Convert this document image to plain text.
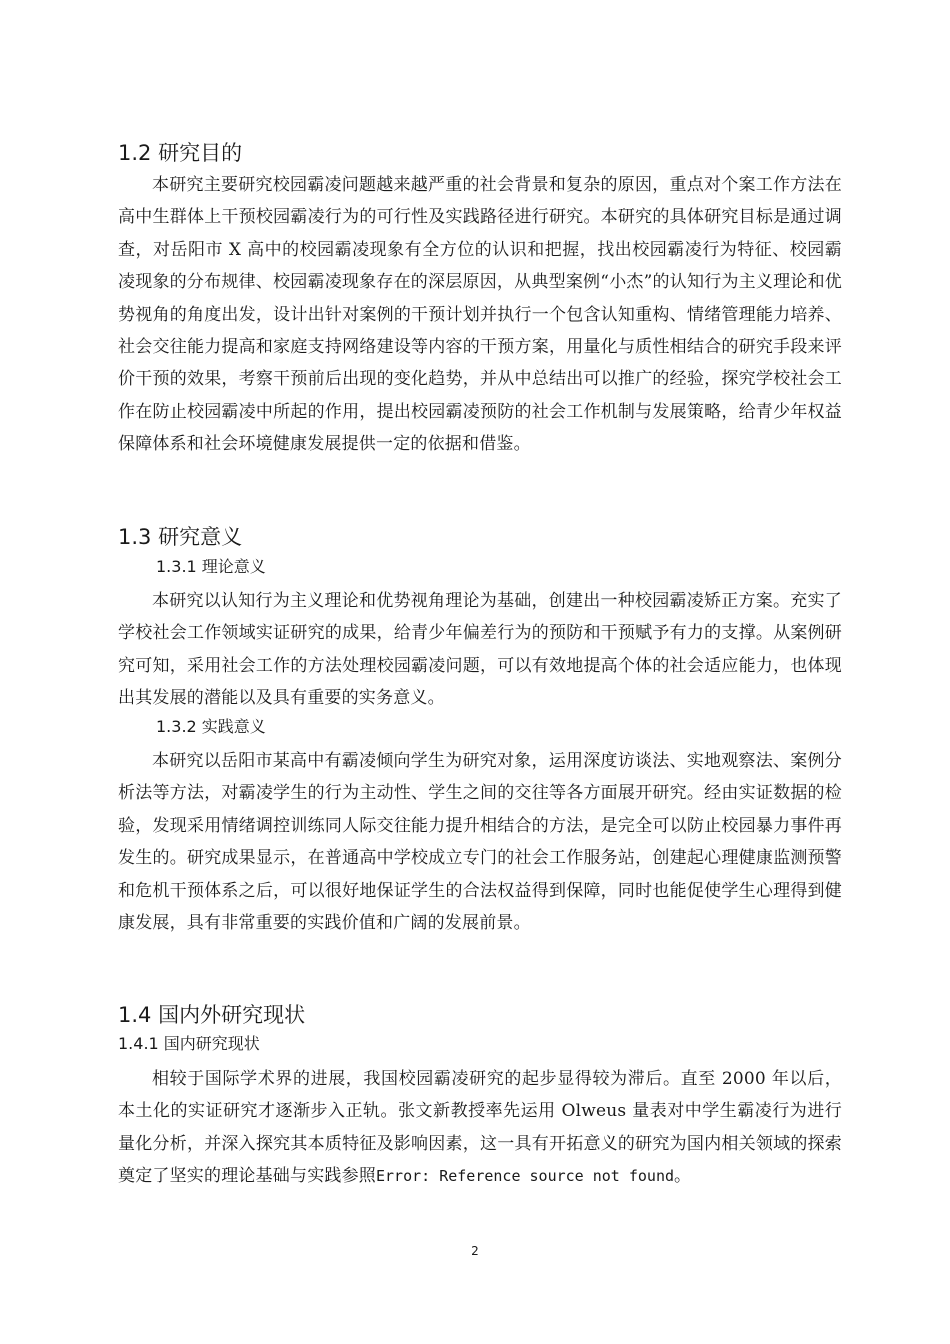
1.2 研究目的
本研究主要研究校园霸凌问题越来越严重的社会背景和复杂的原因，重点对个案工作方法在高中生群体上干预校园霸凌行为的可行性及实践路径进行研究。本研究的具体研究目标是通过调查，对岳阳市 X 高中的校园霸凌现象有全方位的认识和把握，找出校园霸凌行为特征、校园霸凌现象的分布规律、校园霸凌现象存在的深层原因，从典型案例“小杰”的认知行为主义理论和优势视角的角度出发，设计出针对案例的干预计划并执行一个包含认知重构、情绪管理能力培养、社会交往能力提高和家庭支持网络建设等内容的干预方案，用量化与质性相结合的研究手段来评价干预的效果，考察干预前后出现的变化趋势，并从中总结出可以推广的经验，探究学校社会工作在防止校园霸凌中所起的作用，提出校园霸凌预防的社会工作机制与发展策略，给青少年权益保障体系和社会环境健康发展提供一定的依据和借鉴。
1.3 研究意义
1.3.1 理论意义
本研究以认知行为主义理论和优势视角理论为基础，创建出一种校园霸凌矫正方案。充实了学校社会工作领域实证研究的成果，给青少年偏差行为的预防和干预赋予有力的支撑。从案例研究可知，采用社会工作的方法处理校园霸凌问题，可以有效地提高个体的社会适应能力，也体现出其发展的潜能以及具有重要的实务意义。
1.3.2 实践意义
本研究以岳阳市某高中有霸凌倾向学生为研究对象，运用深度访谈法、实地观察法、案例分析法等方法，对霸凌学生的行为主动性、学生之间的交往等各方面展开研究。经由实证数据的检验，发现采用情绪调控训练同人际交往能力提升相结合的方法，是完全可以防止校园暴力事件再发生的。研究成果显示，在普通高中学校成立专门的社会工作服务站，创建起心理健康监测预警和危机干预体系之后，可以很好地保证学生的合法权益得到保障，同时也能促使学生心理得到健康发展，具有非常重要的实践价值和广阔的发展前景。
1.4 国内外研究现状
1.4.1 国内研究现状
相较于国际学术界的进展，我国校园霸凌研究的起步显得较为滞后。直至 2000 年以后，本土化的实证研究才逐渐步入正轨。张文新教授率先运用 Olweus 量表对中学生霸凌行为进行量化分析，并深入探究其本质特征及影响因素，这一具有开拓意义的研究为国内相关领域的探索奠定了坚实的理论基础与实践参照Error: Reference source not found。
2
